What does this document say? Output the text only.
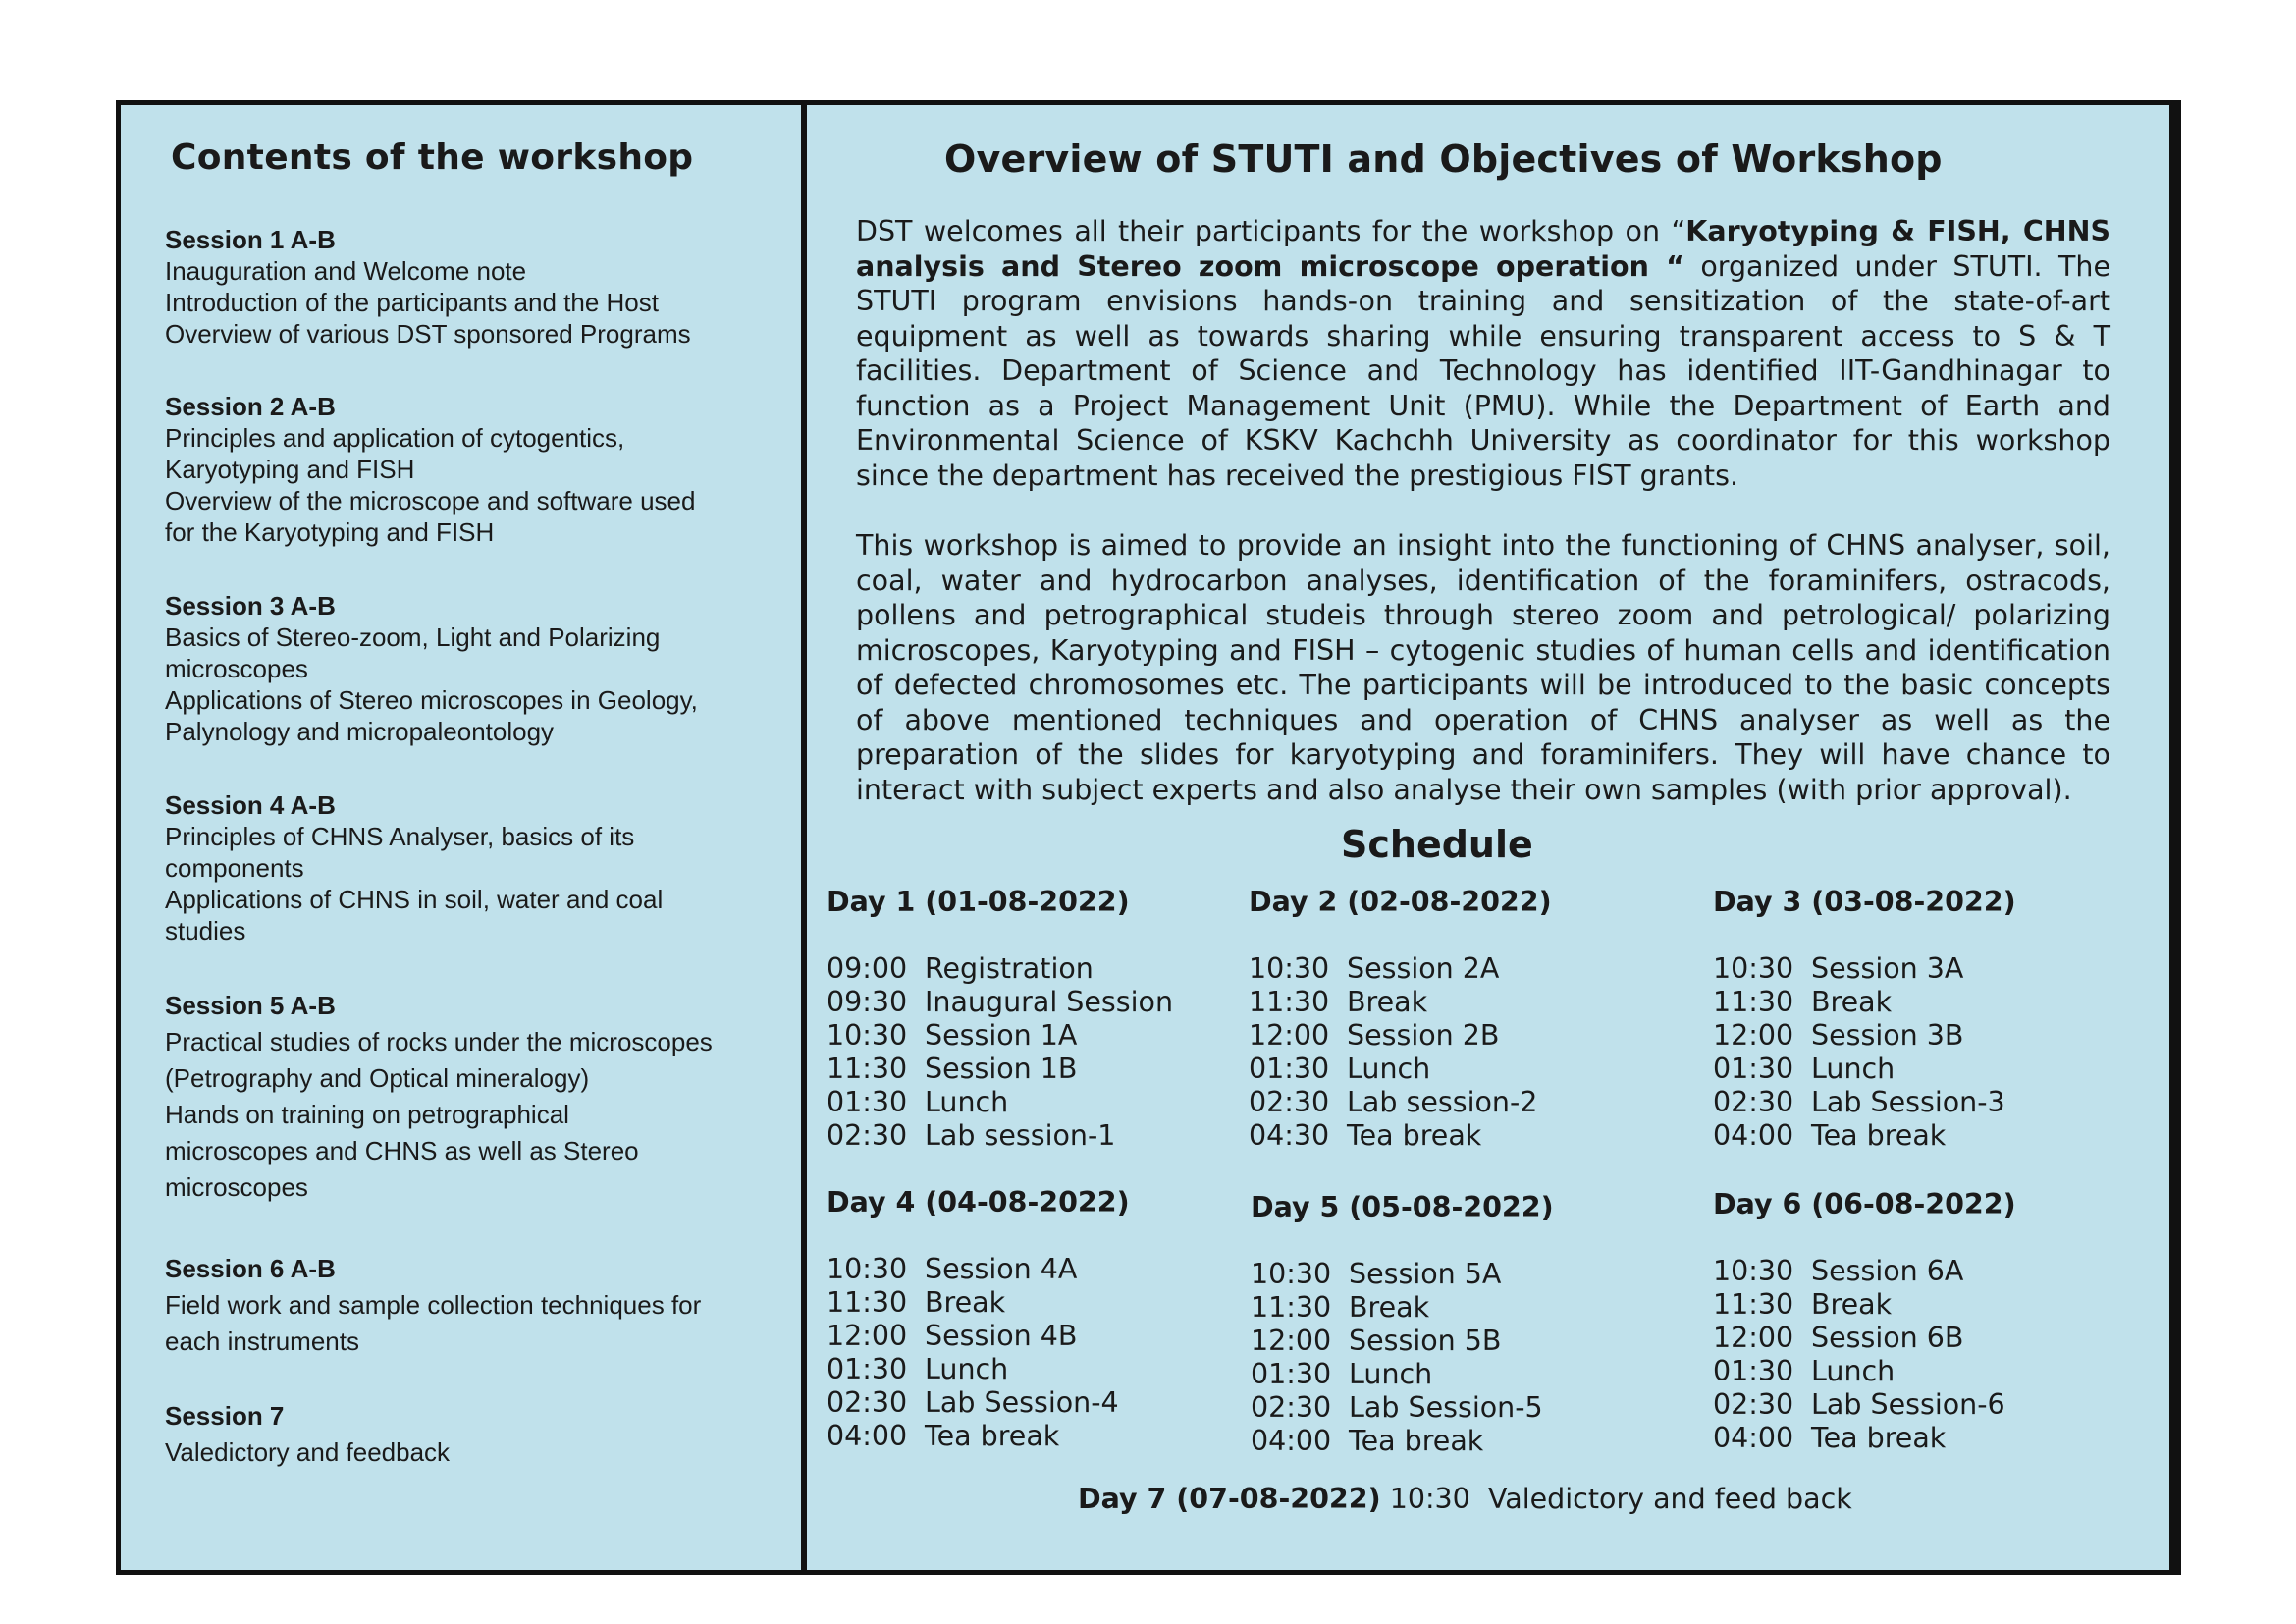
Contents of the workshop
Session 1 A-B
Inauguration and Welcome note
Introduction of the participants and the Host
Overview of various DST sponsored Programs
Session 2 A-B
Principles and application of cytogentics,
Karyotyping and FISH
Overview of the microscope and software used
for the Karyotyping and FISH
Session 3 A-B
Basics of Stereo-zoom, Light and Polarizing
microscopes
Applications of Stereo microscopes in Geology,
Palynology and micropaleontology
Session 4 A-B
Principles of CHNS Analyser, basics of its
components
Applications of CHNS in soil, water and coal
studies
Session 5 A-B
Practical studies of rocks under the microscopes
(Petrography and Optical mineralogy)
Hands on training on petrographical
microscopes and CHNS as well as Stereo
microscopes
Session 6 A-B
Field work and sample collection techniques for
each instruments
Session 7
Valedictory and feedback
Overview of STUTI and Objectives of Workshop

DST welcomes all their participants for the workshop on “Karyotyping & FISH, CHNS analysis and Stereo zoom microscope operation “ organized under STUTI. The STUTI program envisions hands-on training and sensitization of the state-of-art equipment as well as towards sharing while ensuring transparent access to S & T facilities. Department of Science and Technology has identified IIT-Gandhinagar to function as a Project Management Unit (PMU). While the Department of Earth and Environmental Science of KSKV Kachchh University as coordinator for this workshop since the department has received the prestigious FIST grants.

This workshop is aimed to provide an insight into the functioning of CHNS analyser, soil, coal, water and hydrocarbon analyses, identification of the foraminifers, ostracods, pollens and petrographical studeis through stereo zoom and petrological/ polarizing microscopes, Karyotyping and FISH – cytogenic studies of human cells and identification of defected chromosomes etc. The participants will be introduced to the basic concepts of above mentioned techniques and operation of CHNS analyser as well as the preparation of the slides for karyotyping and foraminifers. They will have chance to interact with subject experts and also analyse their own samples (with prior approval).

Schedule
Day 1 (01-08-2022)
09:00 Registration
09:30 Inaugural Session
10:30 Session 1A
11:30 Session 1B
01:30 Lunch
02:30 Lab session-1
Day 2 (02-08-2022)
10:30 Session 2A
11:30 Break
12:00 Session 2B
01:30 Lunch
02:30 Lab session-2
04:30 Tea break
Day 3 (03-08-2022)
10:30 Session 3A
11:30 Break
12:00 Session 3B
01:30 Lunch
02:30 Lab Session-3
04:00 Tea break
Day 4 (04-08-2022)
10:30 Session 4A
11:30 Break
12:00 Session 4B
01:30 Lunch
02:30 Lab Session-4
04:00 Tea break
Day 5 (05-08-2022)
10:30 Session 5A
11:30 Break
12:00 Session 5B
01:30 Lunch
02:30 Lab Session-5
04:00 Tea break
Day 6 (06-08-2022)
10:30 Session 6A
11:30 Break
12:00 Session 6B
01:30 Lunch
02:30 Lab Session-6
04:00 Tea break
Day 7 (07-08-2022) 10:30 Valedictory and feed back
